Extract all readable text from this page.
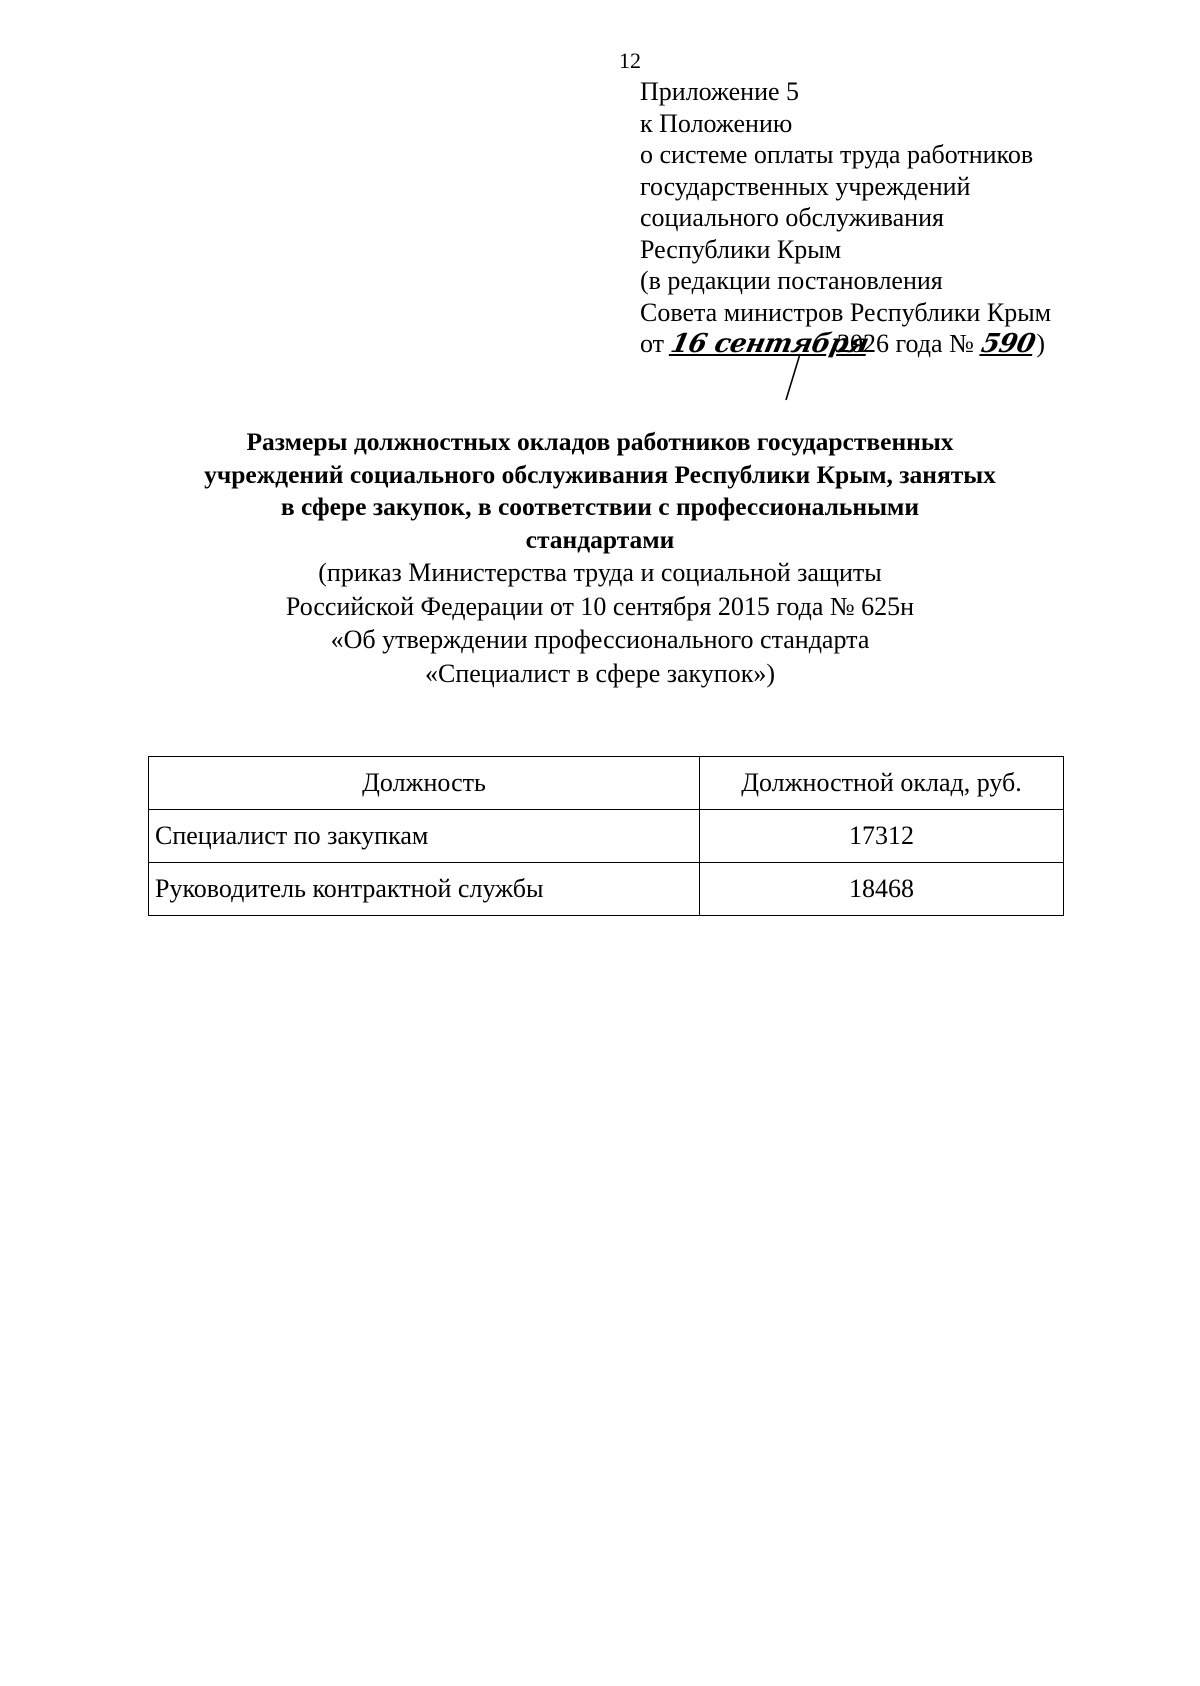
12
Приложение 5
к Положению
о системе оплаты труда работников
государственных учреждений
социального обслуживания
Республики Крым
(в редакции постановления
Совета министров Республики Крым
от 16 сентября 2026 года № 590)
Размеры должностных окладов работников государственных
учреждений социального обслуживания Республики Крым, занятых
в сфере закупок, в соответствии с профессиональными
стандартами
(приказ Министерства труда и социальной защиты
Российской Федерации от 10 сентября 2015 года № 625н
«Об утверждении профессионального стандарта
«Специалист в сфере закупок»)
Должность	Должностной оклад, руб.
Специалист по закупкам	17312
Руководитель контрактной службы	18468
